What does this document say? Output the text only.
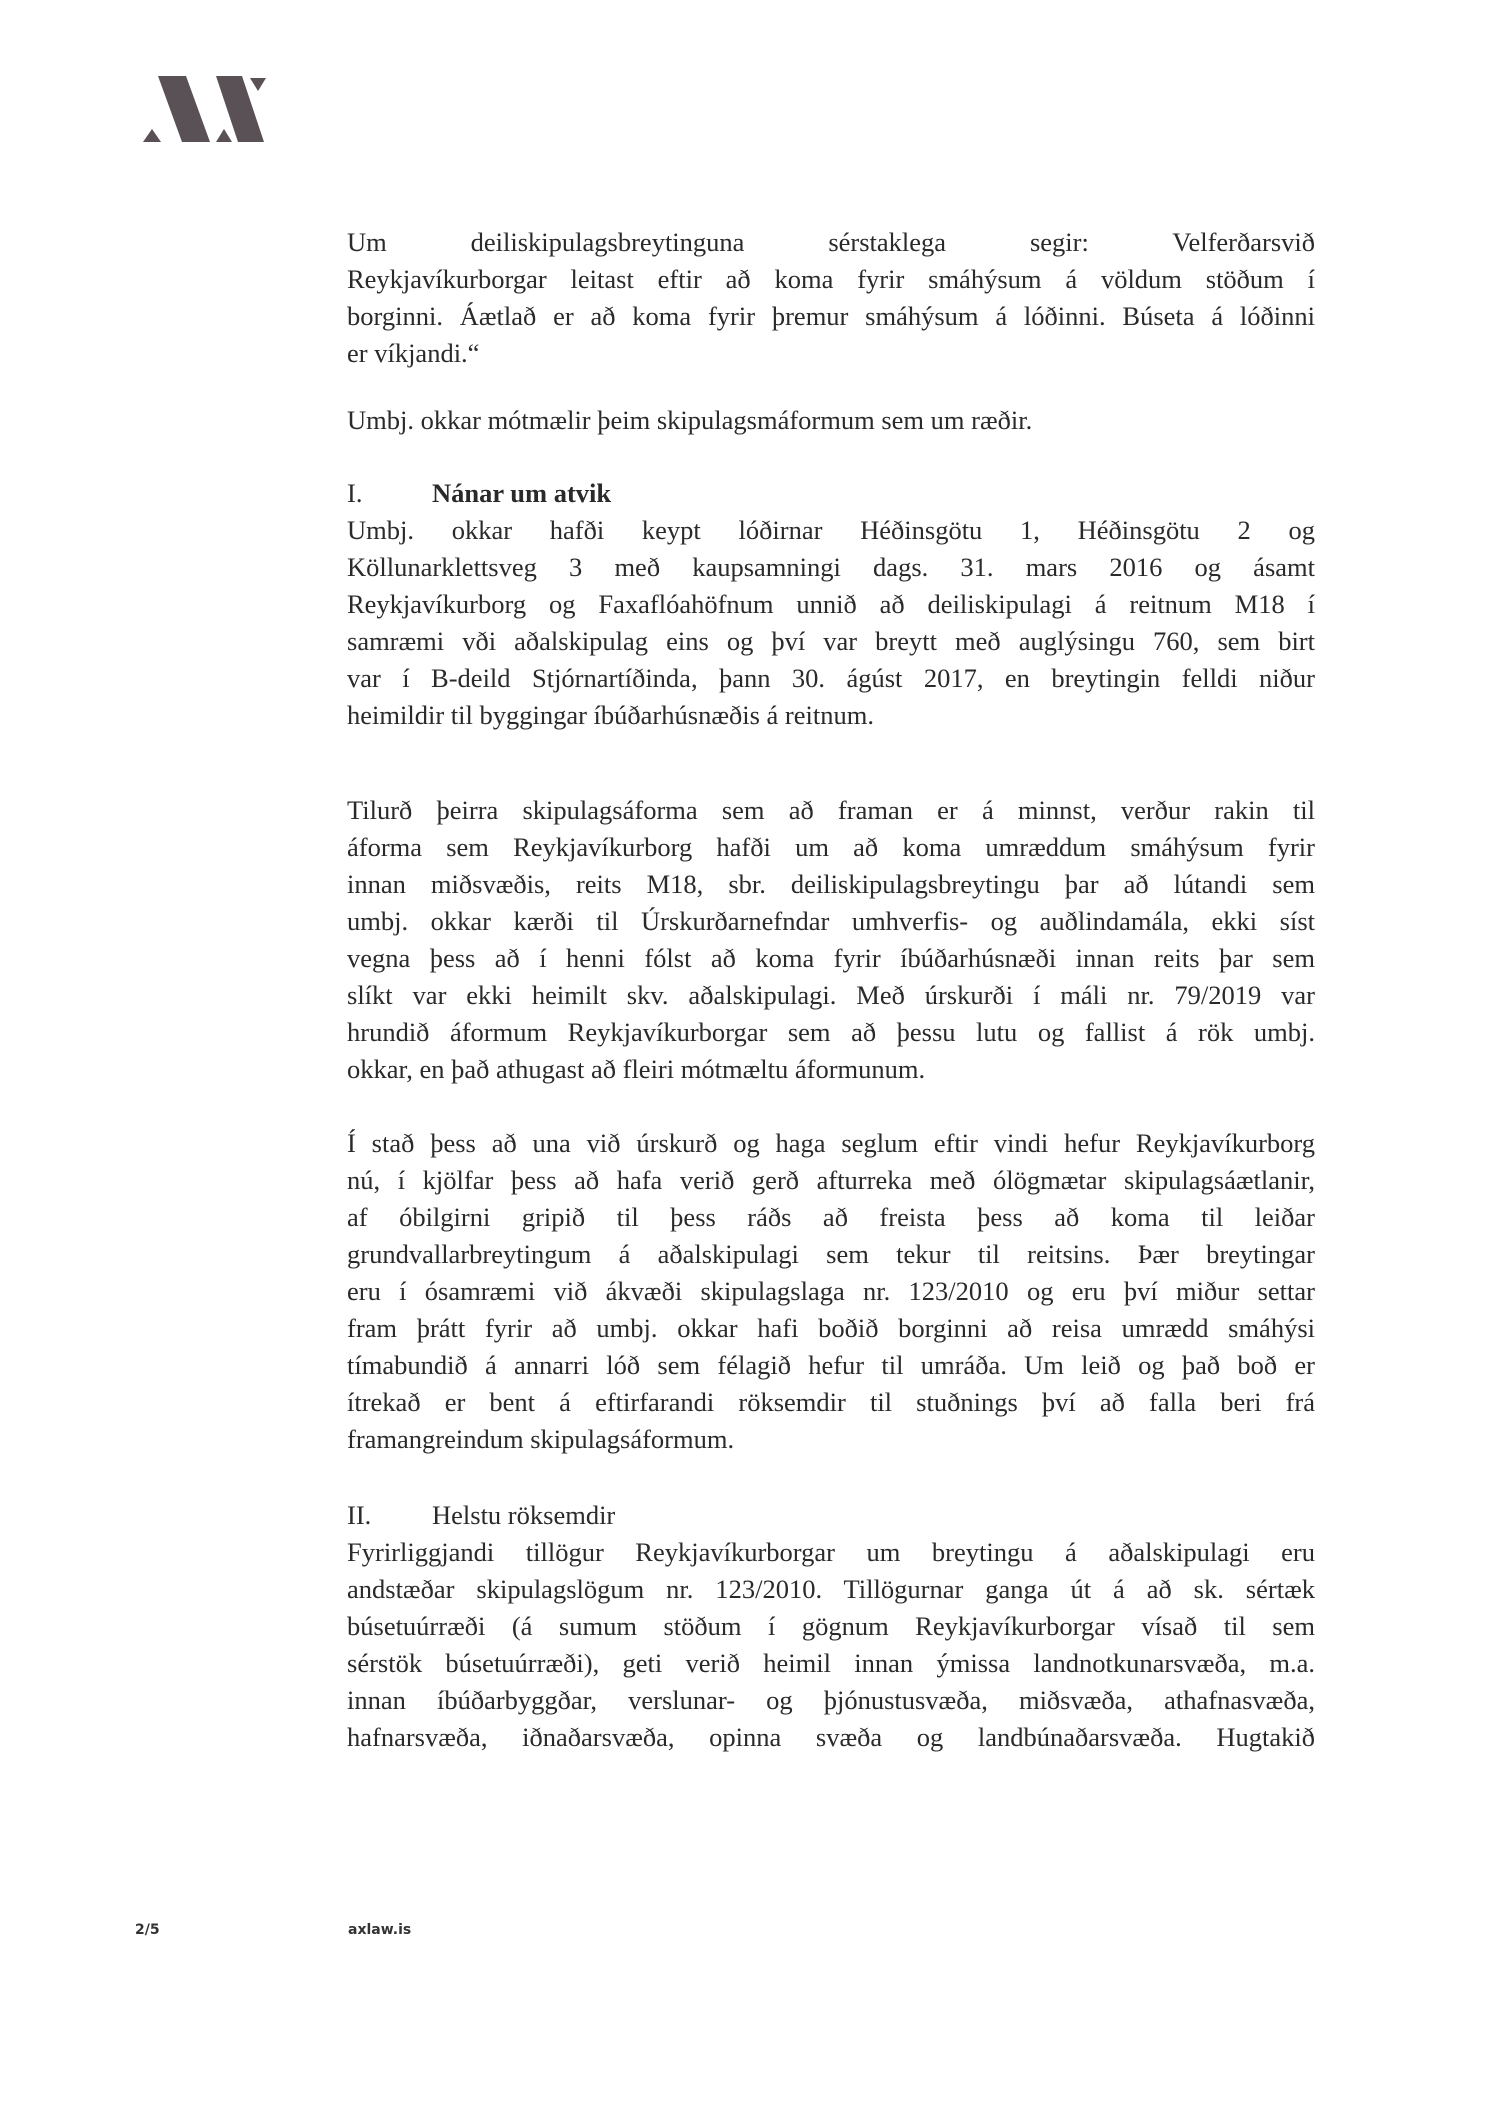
Um deiliskipulagsbreytinguna sérstaklega segir: Velferðarsvið
Reykjavíkurborgar leitast eftir að koma fyrir smáhýsum á völdum stöðum í
borginni. Áætlað er að koma fyrir þremur smáhýsum á lóðinni. Búseta á lóðinni
er víkjandi.“
Umbj. okkar mótmælir þeim skipulagsmáformum sem um ræðir.
I.	Nánar um atvik
Umbj. okkar hafði keypt lóðirnar Héðinsgötu 1, Héðinsgötu 2 og
Köllunarklettsveg 3 með kaupsamningi dags. 31. mars 2016 og ásamt
Reykjavíkurborg og Faxaflóahöfnum unnið að deiliskipulagi á reitnum M18 í
samræmi vði aðalskipulag eins og því var breytt með auglýsingu 760, sem birt
var í B-deild Stjórnartíðinda, þann 30. ágúst 2017, en breytingin felldi niður
heimildir til byggingar íbúðarhúsnæðis á reitnum.
Tilurð þeirra skipulagsáforma sem að framan er á minnst, verður rakin til
áforma sem Reykjavíkurborg hafði um að koma umræddum smáhýsum fyrir
innan miðsvæðis, reits M18, sbr. deiliskipulagsbreytingu þar að lútandi sem
umbj. okkar kærði til Úrskurðarnefndar umhverfis- og auðlindamála, ekki síst
vegna þess að í henni fólst að koma fyrir íbúðarhúsnæði innan reits þar sem
slíkt var ekki heimilt skv. aðalskipulagi. Með úrskurði í máli nr. 79/2019 var
hrundið áformum Reykjavíkurborgar sem að þessu lutu og fallist á rök umbj.
okkar, en það athugast að fleiri mótmæltu áformunum.
Í stað þess að una við úrskurð og haga seglum eftir vindi hefur Reykjavíkurborg
nú, í kjölfar þess að hafa verið gerð afturreka með ólögmætar skipulagsáætlanir,
af óbilgirni gripið til þess ráðs að freista þess að koma til leiðar
grundvallarbreytingum á aðalskipulagi sem tekur til reitsins. Þær breytingar
eru í ósamræmi við ákvæði skipulagslaga nr. 123/2010 og eru því miður settar
fram þrátt fyrir að umbj. okkar hafi boðið borginni að reisa umrædd smáhýsi
tímabundið á annarri lóð sem félagið hefur til umráða. Um leið og það boð er
ítrekað er bent á eftirfarandi röksemdir til stuðnings því að falla beri frá
framangreindum skipulagsáformum.
II. Helstu röksemdir
Fyrirliggjandi tillögur Reykjavíkurborgar um breytingu á aðalskipulagi eru
andstæðar skipulagslögum nr. 123/2010. Tillögurnar ganga út á að sk. sértæk
búsetuúrræði (á sumum stöðum í gögnum Reykjavíkurborgar vísað til sem
sérstök búsetuúrræði), geti verið heimil innan ýmissa landnotkunarsvæða, m.a.
innan íbúðarbyggðar, verslunar- og þjónustusvæða, miðsvæða, athafnasvæða,
hafnarsvæða, iðnaðarsvæða, opinna svæða og landbúnaðarsvæða. Hugtakið
2/5	axlaw.is
